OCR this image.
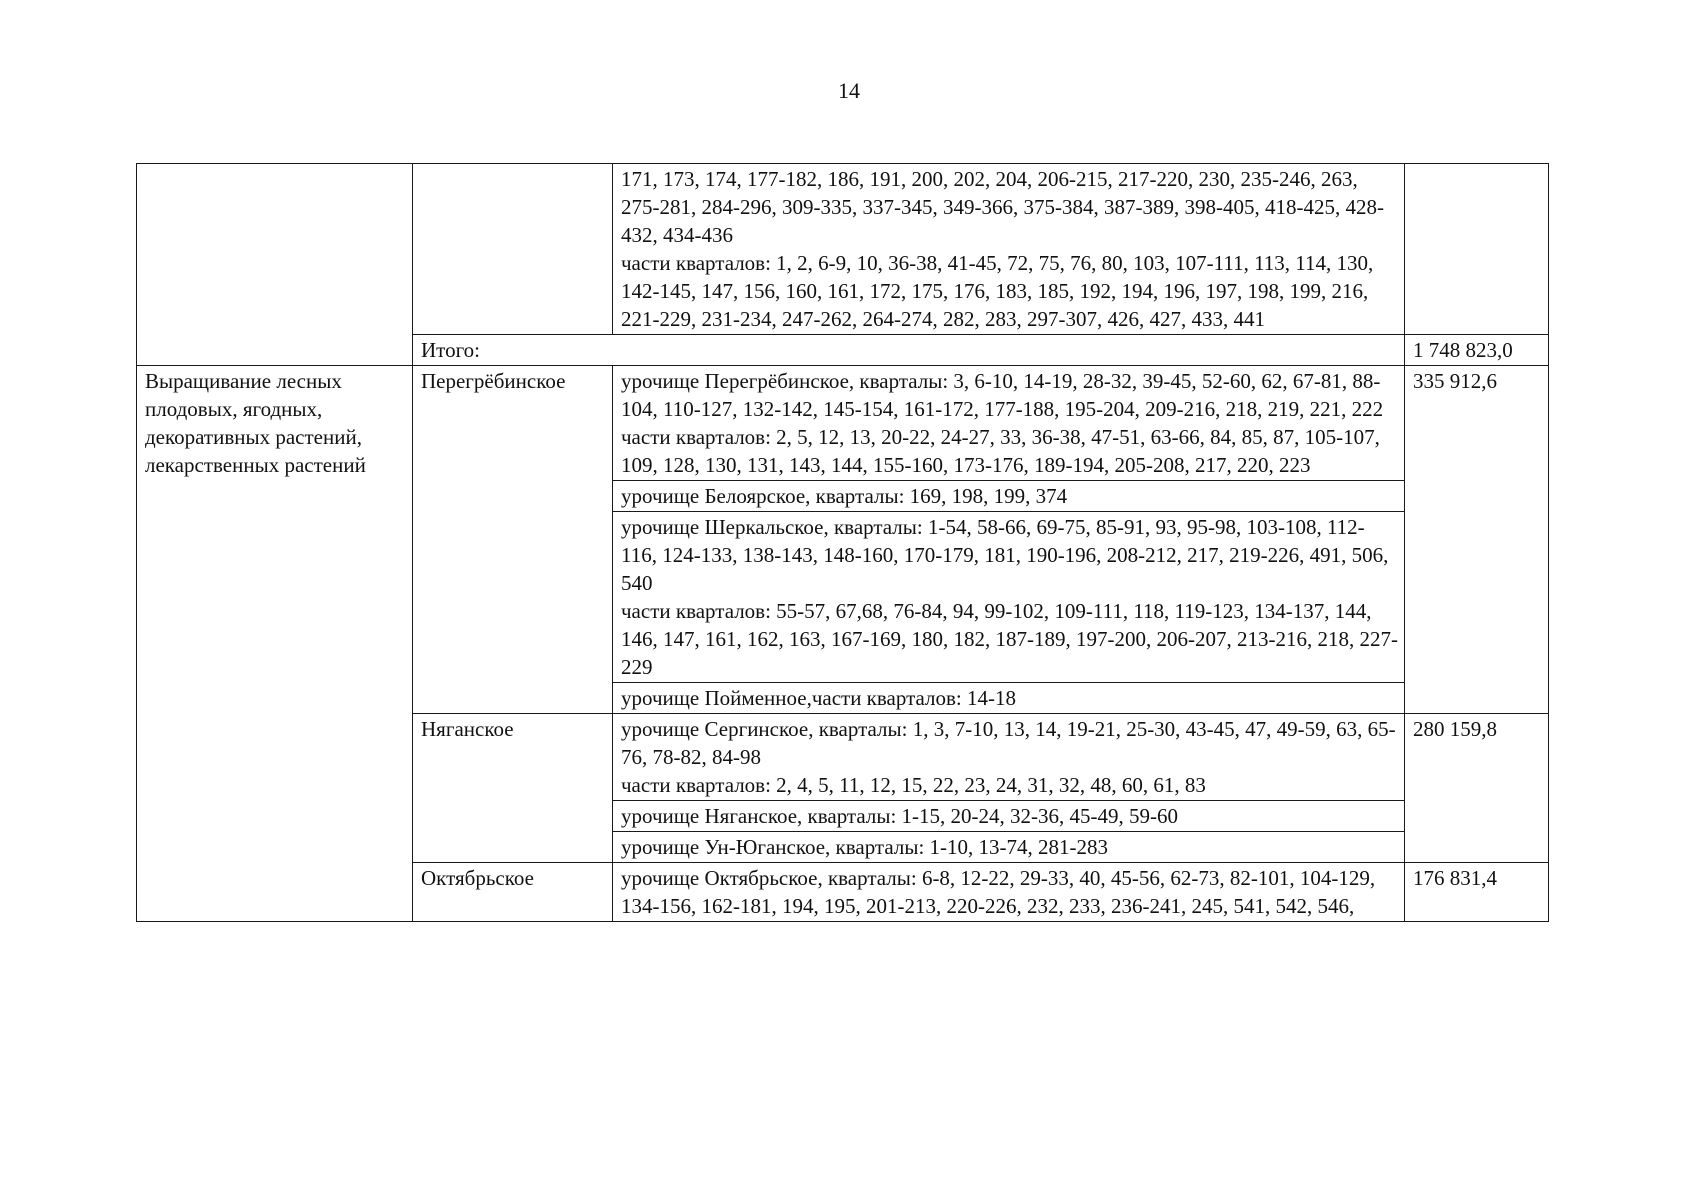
14

		171, 173, 174, 177-182, 186, 191, 200, 202, 204, 206-215, 217-220, 230, 235-246, 263, 275-281, 284-296, 309-335, 337-345, 349-366, 375-384, 387-389, 398-405, 418-425, 428-432, 434-436
части кварталов: 1, 2, 6-9, 10, 36-38, 41-45, 72, 75, 76, 80, 103, 107-111, 113, 114, 130, 142-145, 147, 156, 160, 161, 172, 175, 176, 183, 185, 192, 194, 196, 197, 198, 199, 216, 221-229, 231-234, 247-262, 264-274, 282, 283, 297-307, 426, 427, 433, 441	

	Итого:		1 748 823,0
Выращивание лесных плодовых, ягодных, декоративных растений, лекарственных растений	Перегрёбинское	урочище Перегрёбинское, кварталы: 3, 6-10, 14-19, 28-32, 39-45, 52-60, 62, 67-81, 88-104, 110-127, 132-142, 145-154, 161-172, 177-188, 195-204, 209-216, 218, 219, 221, 222
части кварталов: 2, 5, 12, 13, 20-22, 24-27, 33, 36-38, 47-51, 63-66, 84, 85, 87, 105-107, 109, 128, 130, 131, 143, 144, 155-160, 173-176, 189-194, 205-208, 217, 220, 223	335 912,6

		урочище Белоярское, кварталы: 169, 198, 199, 374	

		урочище Шеркальское, кварталы: 1-54, 58-66, 69-75, 85-91, 93, 95-98, 103-108, 112-116, 124-133, 138-143, 148-160, 170-179, 181, 190-196, 208-212, 217, 219-226, 491, 506, 540
части кварталов: 55-57, 67,68, 76-84, 94, 99-102, 109-111, 118, 119-123, 134-137, 144, 146, 147, 161, 162, 163, 167-169, 180, 182, 187-189, 197-200, 206-207, 213-216, 218, 227-229	

		урочище Пойменное,части кварталов: 14-18	

	Няганское	урочище Сергинское, кварталы: 1, 3, 7-10, 13, 14, 19-21, 25-30, 43-45, 47, 49-59, 63, 65-76, 78-82, 84-98
части кварталов: 2, 4, 5, 11, 12, 15, 22, 23, 24, 31, 32, 48, 60, 61, 83	280 159,8

		урочище Няганское, кварталы: 1-15, 20-24, 32-36, 45-49, 59-60	

		урочище Ун-Юганское, кварталы: 1-10, 13-74, 281-283	

	Октябрьское	урочище Октябрьское, кварталы: 6-8, 12-22, 29-33, 40, 45-56, 62-73, 82-101, 104-129, 134-156, 162-181, 194, 195, 201-213, 220-226, 232, 233, 236-241, 245, 541, 542, 546,	176 831,4
